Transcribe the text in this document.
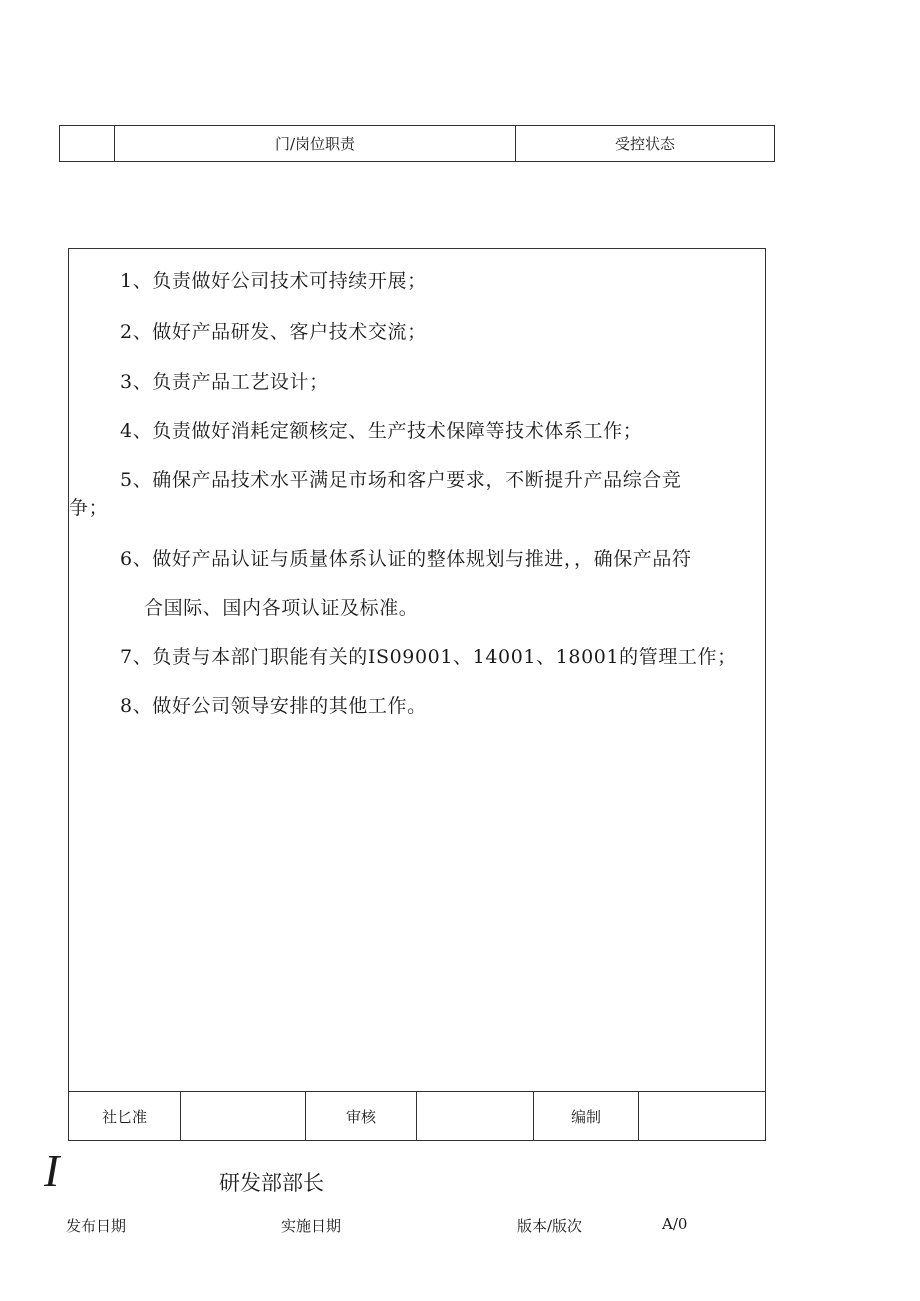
门/岗位职责	受控状态
1、负责做好公司技术可持续开展；
2、做好产品研发、客户技术交流；
3、负责产品工艺设计；
4、负责做好消耗定额核定、生产技术保障等技术体系工作；
5、确保产品技术水平满足市场和客户要求，不断提升产品综合竞
争；
6、做好产品认证与质量体系认证的整体规划与推进，，确保产品符
合国际、国内各项认证及标准。
7、负责与本部门职能有关的IS09001、14001、18001的管理工作；
8、做好公司领导安排的其他工作。
社匕准	审核	编制
I	研发部部长
发布日期	实施日期	版本/版次	A/0
